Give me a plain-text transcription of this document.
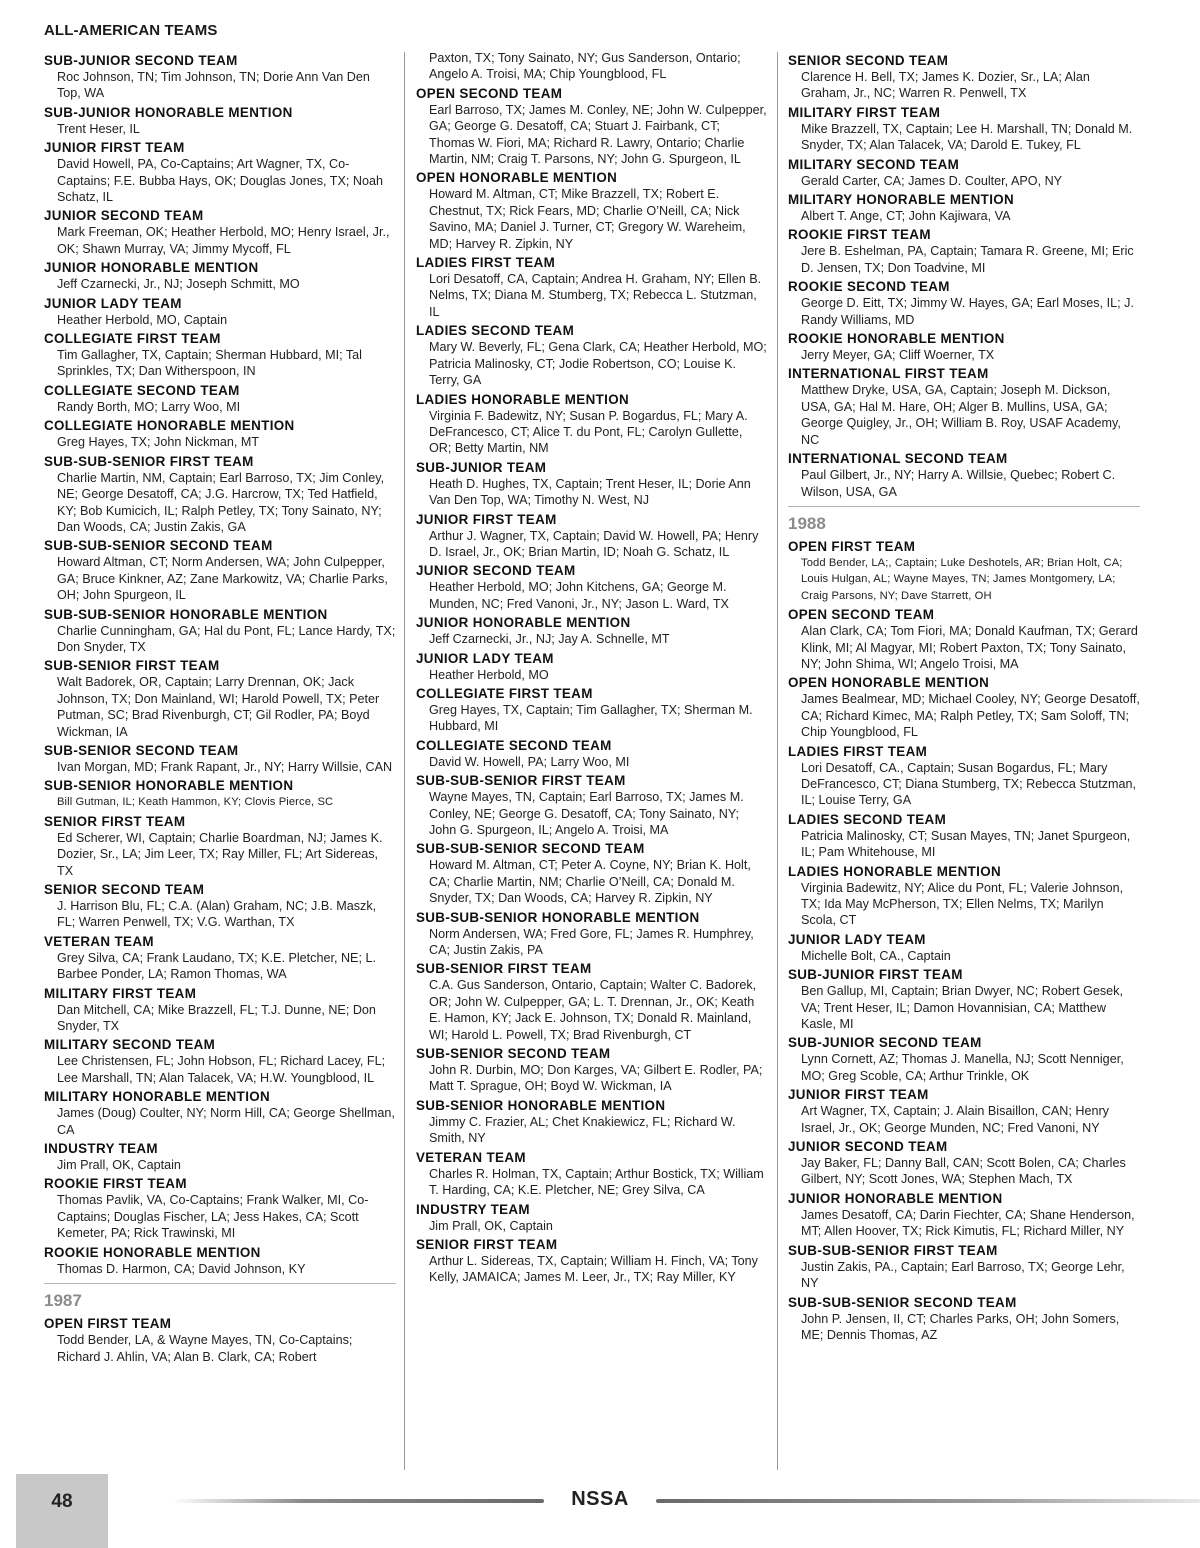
ALL-AMERICAN TEAMS
SUB-JUNIOR SECOND TEAM
Roc Johnson, TN; Tim Johnson, TN; Dorie Ann Van Den Top, WA
SUB-JUNIOR HONORABLE MENTION
Trent Heser, IL
JUNIOR FIRST TEAM
David Howell, PA, Co-Captains; Art Wagner, TX, Co-Captains; F.E. Bubba Hays, OK; Douglas Jones, TX; Noah Schatz, IL
JUNIOR SECOND TEAM
Mark Freeman, OK; Heather Herbold, MO; Henry Israel, Jr., OK; Shawn Murray, VA; Jimmy Mycoff, FL
JUNIOR HONORABLE MENTION
Jeff Czarnecki, Jr., NJ; Joseph Schmitt, MO
JUNIOR LADY TEAM
Heather Herbold, MO, Captain
COLLEGIATE FIRST TEAM
Tim Gallagher, TX, Captain; Sherman Hubbard, MI; Tal Sprinkles, TX; Dan Witherspoon, IN
COLLEGIATE SECOND TEAM
Randy Borth, MO; Larry Woo, MI
COLLEGIATE HONORABLE MENTION
Greg Hayes, TX; John Nickman, MT
SUB-SUB-SENIOR FIRST TEAM
Charlie Martin, NM, Captain; Earl Barroso, TX; Jim Conley, NE; George Desatoff, CA; J.G. Harcrow, TX; Ted Hatfield, KY; Bob Kumicich, IL; Ralph Petley, TX; Tony Sainato, NY; Dan Woods, CA; Justin Zakis, GA
SUB-SUB-SENIOR SECOND TEAM
Howard Altman, CT; Norm Andersen, WA; John Culpepper, GA; Bruce Kinkner, AZ; Zane Markowitz, VA; Charlie Parks, OH; John Spurgeon, IL
SUB-SUB-SENIOR HONORABLE MENTION
Charlie Cunningham, GA; Hal du Pont, FL; Lance Hardy, TX; Don Snyder, TX
SUB-SENIOR FIRST TEAM
Walt Badorek, OR, Captain; Larry Drennan, OK; Jack Johnson, TX; Don Mainland, WI; Harold Powell, TX; Peter Putman, SC; Brad Rivenburgh, CT; Gil Rodler, PA; Boyd Wickman, IA
SUB-SENIOR SECOND TEAM
Ivan Morgan, MD; Frank Rapant, Jr., NY; Harry Willsie, CAN
SUB-SENIOR HONORABLE MENTION
Bill Gutman, IL; Keath Hammon, KY; Clovis Pierce, SC
SENIOR FIRST TEAM
Ed Scherer, WI, Captain; Charlie Boardman, NJ; James K. Dozier, Sr., LA; Jim Leer, TX; Ray Miller, FL; Art Sidereas, TX
SENIOR SECOND TEAM
J. Harrison Blu, FL; C.A. (Alan) Graham, NC; J.B. Maszk, FL; Warren Penwell, TX; V.G. Warthan, TX
VETERAN TEAM
Grey Silva, CA; Frank Laudano, TX; K.E. Pletcher, NE; L. Barbee Ponder, LA; Ramon Thomas, WA
MILITARY FIRST TEAM
Dan Mitchell, CA; Mike Brazzell, FL; T.J. Dunne, NE; Don Snyder, TX
MILITARY SECOND TEAM
Lee Christensen, FL; John Hobson, FL; Richard Lacey, FL; Lee Marshall, TN; Alan Talacek, VA; H.W. Youngblood, IL
MILITARY HONORABLE MENTION
James (Doug) Coulter, NY; Norm Hill, CA; George Shellman, CA
INDUSTRY TEAM
Jim Prall, OK, Captain
ROOKIE FIRST TEAM
Thomas Pavlik, VA, Co-Captains; Frank Walker, MI, Co-Captains; Douglas Fischer, LA; Jess Hakes, CA; Scott Kemeter, PA; Rick Trawinski, MI
ROOKIE HONORABLE MENTION
Thomas D. Harmon, CA; David Johnson, KY
1987
OPEN FIRST TEAM
Todd Bender, LA, & Wayne Mayes, TN, Co-Captains; Richard J. Ahlin, VA; Alan B. Clark, CA; Robert
Paxton, TX; Tony Sainato, NY; Gus Sanderson, Ontario; Angelo A. Troisi, MA; Chip Youngblood, FL
OPEN SECOND TEAM
Earl Barroso, TX; James M. Conley, NE; John W. Culpepper, GA; George G. Desatoff, CA; Stuart J. Fairbank, CT; Thomas W. Fiori, MA; Richard R. Lawry, Ontario; Charlie Martin, NM; Craig T. Parsons, NY; John G. Spurgeon, IL
OPEN HONORABLE MENTION
Howard M. Altman, CT; Mike Brazzell, TX; Robert E. Chestnut, TX; Rick Fears, MD; Charlie O’Neill, CA; Nick Savino, MA; Daniel J. Turner, CT; Gregory W. Wareheim, MD; Harvey R. Zipkin, NY
LADIES FIRST TEAM
Lori Desatoff, CA, Captain; Andrea H. Graham, NY; Ellen B. Nelms, TX; Diana M. Stumberg, TX; Rebecca L. Stutzman, IL
LADIES SECOND TEAM
Mary W. Beverly, FL; Gena Clark, CA; Heather Herbold, MO; Patricia Malinosky, CT; Jodie Robertson, CO; Louise K. Terry, GA
LADIES HONORABLE MENTION
Virginia F. Badewitz, NY; Susan P. Bogardus, FL; Mary A. DeFrancesco, CT; Alice T. du Pont, FL; Carolyn Gullette, OR; Betty Martin, NM
SUB-JUNIOR TEAM
Heath D. Hughes, TX, Captain; Trent Heser, IL; Dorie Ann Van Den Top, WA; Timothy N. West, NJ
JUNIOR FIRST TEAM
Arthur J. Wagner, TX, Captain; David W. Howell, PA; Henry D. Israel, Jr., OK; Brian Martin, ID; Noah G. Schatz, IL
JUNIOR SECOND TEAM
Heather Herbold, MO; John Kitchens, GA; George M. Munden, NC; Fred Vanoni, Jr., NY; Jason L. Ward, TX
JUNIOR HONORABLE MENTION
Jeff Czarnecki, Jr., NJ; Jay A. Schnelle, MT
JUNIOR LADY TEAM
Heather Herbold, MO
COLLEGIATE FIRST TEAM
Greg Hayes, TX, Captain; Tim Gallagher, TX; Sherman M. Hubbard, MI
COLLEGIATE SECOND TEAM
David W. Howell, PA; Larry Woo, MI
SUB-SUB-SENIOR FIRST TEAM
Wayne Mayes, TN, Captain; Earl Barroso, TX; James M. Conley, NE; George G. Desatoff, CA; Tony Sainato, NY; John G. Spurgeon, IL; Angelo A. Troisi, MA
SUB-SUB-SENIOR SECOND TEAM
Howard M. Altman, CT; Peter A. Coyne, NY; Brian K. Holt, CA; Charlie Martin, NM; Charlie O’Neill, CA; Donald M. Snyder, TX; Dan Woods, CA; Harvey R. Zipkin, NY
SUB-SUB-SENIOR HONORABLE MENTION
Norm Andersen, WA; Fred Gore, FL; James R. Humphrey, CA; Justin Zakis, PA
SUB-SENIOR FIRST TEAM
C.A. Gus Sanderson, Ontario, Captain; Walter C. Badorek, OR; John W. Culpepper, GA; L. T. Drennan, Jr., OK; Keath E. Hamon, KY; Jack E. Johnson, TX; Donald R. Mainland, WI; Harold L. Powell, TX; Brad Rivenburgh, CT
SUB-SENIOR SECOND TEAM
John R. Durbin, MO; Don Karges, VA; Gilbert E. Rodler, PA; Matt T. Sprague, OH; Boyd W. Wickman, IA
SUB-SENIOR HONORABLE MENTION
Jimmy C. Frazier, AL; Chet Knakiewicz, FL; Richard W. Smith, NY
VETERAN TEAM
Charles R. Holman, TX, Captain; Arthur Bostick, TX; William T. Harding, CA; K.E. Pletcher, NE; Grey Silva, CA
INDUSTRY TEAM
Jim Prall, OK, Captain
SENIOR FIRST TEAM
Arthur L. Sidereas, TX, Captain; William H. Finch, VA; Tony Kelly, JAMAICA; James M. Leer, Jr., TX; Ray Miller, KY
SENIOR SECOND TEAM
Clarence H. Bell, TX; James K. Dozier, Sr., LA; Alan Graham, Jr., NC; Warren R. Penwell, TX
MILITARY FIRST TEAM
Mike Brazzell, TX, Captain; Lee H. Marshall, TN; Donald M. Snyder, TX; Alan Talacek, VA; Darold E. Tukey, FL
MILITARY SECOND TEAM
Gerald Carter, CA; James D. Coulter, APO, NY
MILITARY HONORABLE MENTION
Albert T. Ange, CT; John Kajiwara, VA
ROOKIE FIRST TEAM
Jere B. Eshelman, PA, Captain; Tamara R. Greene, MI; Eric D. Jensen, TX; Don Toadvine, MI
ROOKIE SECOND TEAM
George D. Eitt, TX; Jimmy W. Hayes, GA; Earl Moses, IL; J. Randy Williams, MD
ROOKIE HONORABLE MENTION
Jerry Meyer, GA; Cliff Woerner, TX
INTERNATIONAL FIRST TEAM
Matthew Dryke, USA, GA, Captain; Joseph M. Dickson, USA, GA; Hal M. Hare, OH; Alger B. Mullins, USA, GA; George Quigley, Jr., OH; William B. Roy, USAF Academy, NC
INTERNATIONAL SECOND TEAM
Paul Gilbert, Jr., NY; Harry A. Willsie, Quebec; Robert C. Wilson, USA, GA
1988
OPEN FIRST TEAM
Todd Bender, LA;, Captain; Luke Deshotels, AR; Brian Holt, CA; Louis Hulgan, AL; Wayne Mayes, TN; James Montgomery, LA; Craig Parsons, NY; Dave Starrett, OH
OPEN SECOND TEAM
Alan Clark, CA; Tom Fiori, MA; Donald Kaufman, TX; Gerard Klink, MI; Al Magyar, MI; Robert Paxton, TX; Tony Sainato, NY; John Shima, WI; Angelo Troisi, MA
OPEN HONORABLE MENTION
James Bealmear, MD; Michael Cooley, NY; George Desatoff, CA; Richard Kimec, MA; Ralph Petley, TX; Sam Soloff, TN; Chip Youngblood, FL
LADIES FIRST TEAM
Lori Desatoff, CA., Captain; Susan Bogardus, FL; Mary DeFrancesco, CT; Diana Stumberg, TX; Rebecca Stutzman, IL; Louise Terry, GA
LADIES SECOND TEAM
Patricia Malinosky, CT; Susan Mayes, TN; Janet Spurgeon, IL; Pam Whitehouse, MI
LADIES HONORABLE MENTION
Virginia Badewitz, NY; Alice du Pont, FL; Valerie Johnson, TX; Ida May McPherson, TX; Ellen Nelms, TX; Marilyn Scola, CT
JUNIOR LADY TEAM
Michelle Bolt, CA., Captain
SUB-JUNIOR FIRST TEAM
Ben Gallup, MI, Captain; Brian Dwyer, NC; Robert Gesek, VA; Trent Heser, IL; Damon Hovannisian, CA; Matthew Kasle, MI
SUB-JUNIOR SECOND TEAM
Lynn Cornett, AZ; Thomas J. Manella, NJ; Scott Nenniger, MO; Greg Scoble, CA; Arthur Trinkle, OK
JUNIOR FIRST TEAM
Art Wagner, TX, Captain; J. Alain Bisaillon, CAN; Henry Israel, Jr., OK; George Munden, NC; Fred Vanoni, NY
JUNIOR SECOND TEAM
Jay Baker, FL; Danny Ball, CAN; Scott Bolen, CA; Charles Gilbert, NY; Scott Jones, WA; Stephen Mach, TX
JUNIOR HONORABLE MENTION
James Desatoff, CA; Darin Fiechter, CA; Shane Henderson, MT; Allen Hoover, TX; Rick Kimutis, FL; Richard Miller, NY
SUB-SUB-SENIOR FIRST TEAM
Justin Zakis, PA., Captain; Earl Barroso, TX; George Lehr, NY
SUB-SUB-SENIOR SECOND TEAM
John P. Jensen, II, CT; Charles Parks, OH; John Somers, ME; Dennis Thomas, AZ
48	NSSA
